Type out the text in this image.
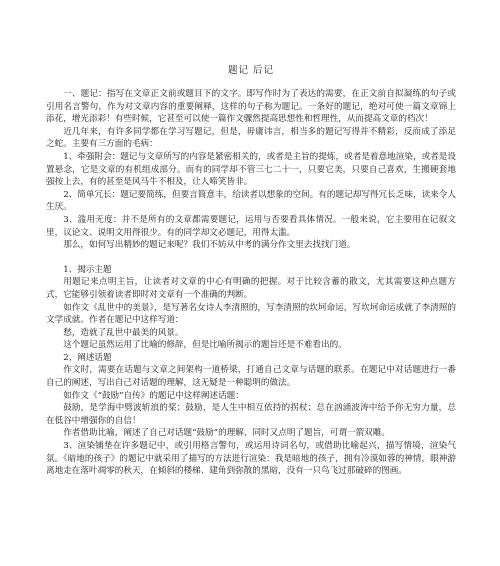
题记 后记

一、题记：指写在文章正文前或题目下的文字。即写作时为了表达的需要，在正文前自拟凝练的句子或引用名言警句，作为对文章内容的重要阐释，这样的句子称为题记。一条好的题记，绝对可使一篇文章锦上添花，增光添彩！有些时候，它甚至可以使一篇作文骤然提高思想性和哲理性，从而提高文章的档次！

近几年来，有许多同学都在学习写题记，但是，毋庸讳言，相当多的题记写得并不精彩，反而成了添足之蛇。主要有三方面的毛病：

1、牵强附会：题记与文章所写的内容是紧密相关的，或者是主旨的提炼，或者是着意地渲染，或者是设置悬念，它是文章的有机组成部分。而有的同学却不管三七二十一，只要它美，只要自己喜欢，生搬硬套地强按上去，有的甚至是风马牛不相及，让人啼笑皆非。

2、简单冗长：题记要简练，但要言简意丰，给读者以想象的空间。有的题记却写得冗长乏味，读来令人生厌。

3、滥用无度：并不是所有的文章都需要题记，运用与否要看具体情况。一般来说，它主要用在记叙文里，议论文、说明文用得很少。有的同学却文必题记，用得太滥。

那么，如何写出精妙的题记来呢？我们不妨从中考的满分作文里去找找门道。

1、揭示主题

用题记来点明主旨，让读者对文章的中心有明确的把握。对于比较含蓄的散文，尤其需要这种点题方式，它能够引领着读者即时对文章有一个准确的判断。

如作文《乱世中的美景》，是写著名女诗人李清照的，写李清照的坎坷命运，写坎坷命运成就了李清照的文学成就。作者在题记中这样写道：

愁，造就了乱世中最美的风景。

这个题记虽然运用了比喻的修辞，但是比喻所揭示的题旨还是不难看出的。

2、阐述话题

作文时，需要在话题与文章之间架构一道桥梁，打通自己文章与话题的联系。在题记中对话题进行一番自己的阐述，写出自己对话题的理解，这无疑是一种聪明的做法。

如作文《“鼓励”自传》的题记中这样阐述话题：

鼓励，是学海中劈波斩浪的桨；鼓励，是人生中相互依持的拐杖；总在汹涌波涛中给予你无穷力量，总在低谷中增强你的自信！

作者借助比喻，阐述了自己对话题“鼓励”的理解，同时又点明了题旨，可谓一箭双雕。

3、渲染铺垫在许多题记中，或引用格言警句，或运用诗词名句，或借助比喻起兴，描写情境，渲染气氛。《暗地的孩子》的题记中就采用了描写的方法进行渲染：我是暗地的孩子，拥有冷漠如蓉的神情，眼神游离地走在落叶凋零的秋天，在倾斜的楼梯、建角到弥散的黑暗，没有一只鸟飞过那破碎的图画。
